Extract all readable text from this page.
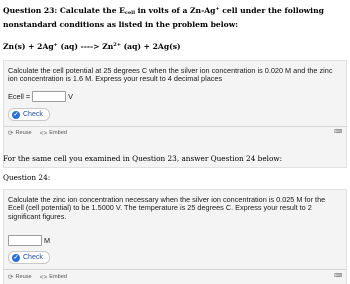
Question 23: Calculate the $E_{cell}$ in volts of a Zn-Ag+ cell under the following nonstandard conditions as listed in the problem below:
Zn(s) + 2Ag+ (aq) ----> $Zn^{2+}$ (aq) + 2Ag(s)
Calculate the cell potential at 25 degrees C when the silver ion concentration is 0.020 M and the zinc ion concentration is 1.6 M. Express your result to 4 decimal places
Ecell =	V
✓ Check
⟳ Reuse <> Embed	⌨
For the same cell you examined in Question 23, answer Question 24 below:
Question 24:
Calculate the zinc ion concentration necessary when the silver ion concentration is 0.025 M for the Ecell (cell potential) to be 1.5000 V. The temperature is 25 degrees C. Express your result to 2 significant figures.
M
✓ Check
⟳ Reuse <> Embed	⌨
